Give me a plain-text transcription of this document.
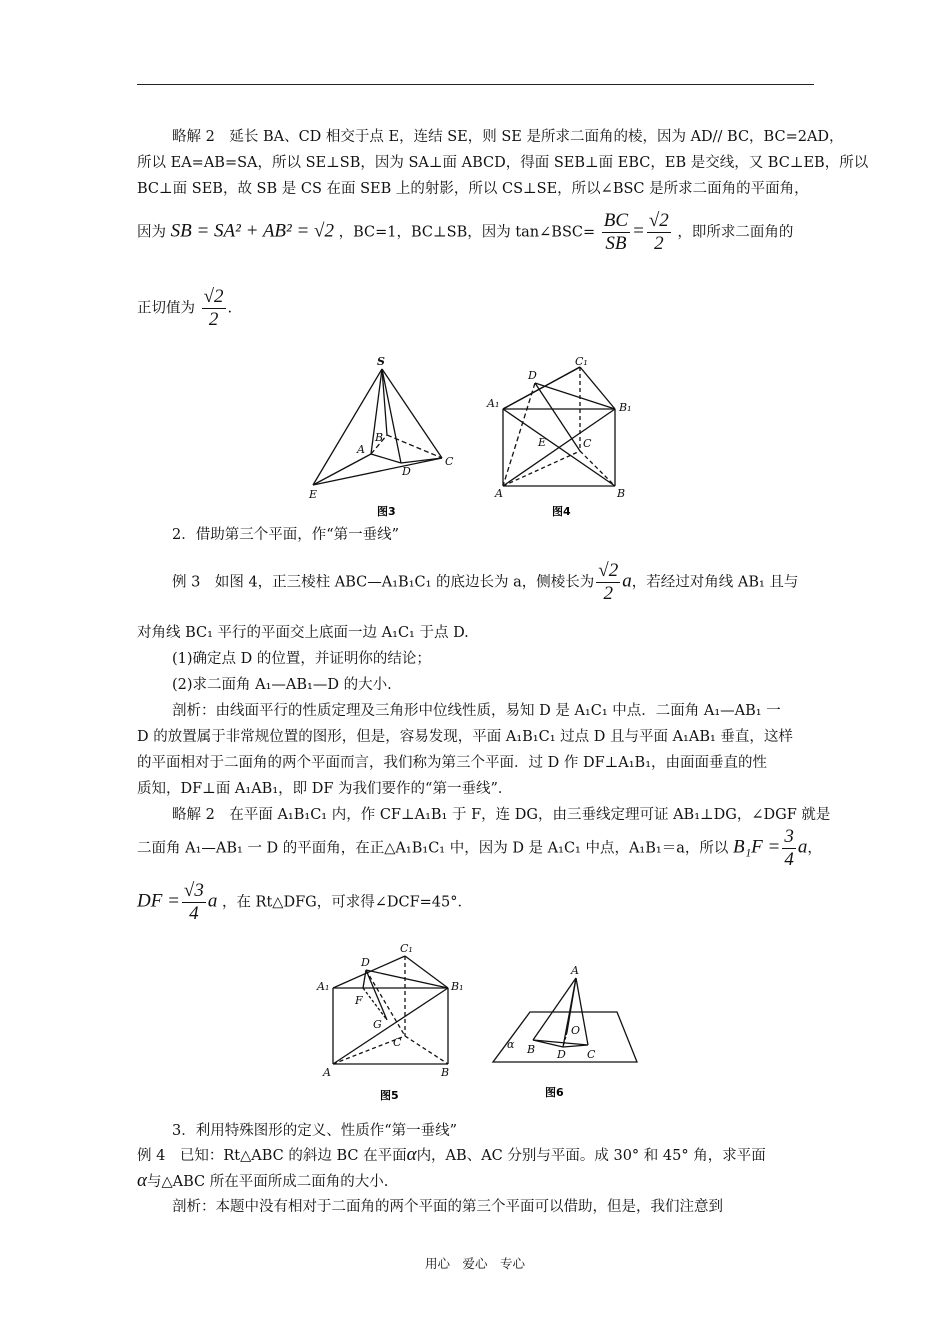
略解 2　延长 BA、CD 相交于点 E，连结 SE，则 SE 是所求二面角的棱，因为 AD// BC，BC=2AD，
所以 EA=AB=SA，所以 SE⊥SB，因为 SA⊥面 ABCD，得面 SEB⊥面 EBC，EB 是交线，又 BC⊥EB，所以
BC⊥面 SEB，故 SB 是 CS 在面 SEB 上的射影，所以 CS⊥SE，所以∠BSC 是所求二面角的平面角，
因为 SB = SA² + AB² = √2 ，BC=1，BC⊥SB，因为 tan∠BSC= $\frac{BC}{SB} = \frac{√2}{2}$ ，即所求二面角的
正切值为 $\frac{√2}{2}$ .
S
B
A
D
C
E
图3
C₁
D
A₁	B₁
E	C
A	B
图4
2．借助第三个平面，作“第一垂线”
例 3　如图 4，正三棱柱 ABC—A₁B₁C₁ 的底边长为 a，侧棱长为 $\frac{√2}{2}$ a，若经过对角线 AB₁ 且与
对角线 BC₁ 平行的平面交上底面一边 A₁C₁ 于点 D.
(1)确定点 D 的位置，并证明你的结论；
(2)求二面角 A₁—AB₁—D 的大小.
剖析：由线面平行的性质定理及三角形中位线性质，易知 D 是 A₁C₁ 中点．二面角 A₁—AB₁ 一
D 的放置属于非常规位置的图形，但是，容易发现，平面 A₁B₁C₁ 过点 D 且与平面 A₁AB₁ 垂直，这样
的平面相对于二面角的两个平面而言，我们称为第三个平面．过 D 作 DF⊥A₁B₁，由面面垂直的性
质知，DF⊥面 A₁AB₁，即 DF 为我们要作的“第一垂线”．
略解 2　在平面 A₁B₁C₁ 内，作 CF⊥A₁B₁ 于 F，连 DG，由三垂线定理可证 AB₁⊥DG，∠DGF 就是
二面角 A₁—AB₁ 一 D 的平面角，在正△A₁B₁C₁ 中，因为 D 是 A₁C₁ 中点，A₁B₁＝a，所以 $B_1F = \frac{3}{4}$ a，
DF = $\frac{√3}{4}$ a ，在 Rt△DFG，可求得∠DCF=45°．
C₁
D
A₁	B₁
F
G
C
A	B
图5
A
O
α B D C
图6
3．利用特殊图形的定义、性质作“第一垂线”
例 4　已知：Rt△ABC 的斜边 BC 在平面α内，AB、AC 分别与平面。成 30° 和 45° 角，求平面
α与△ABC 所在平面所成二面角的大小.
剖析：本题中没有相对于二面角的两个平面的第三个平面可以借助，但是，我们注意到
用心　爱心　专心
